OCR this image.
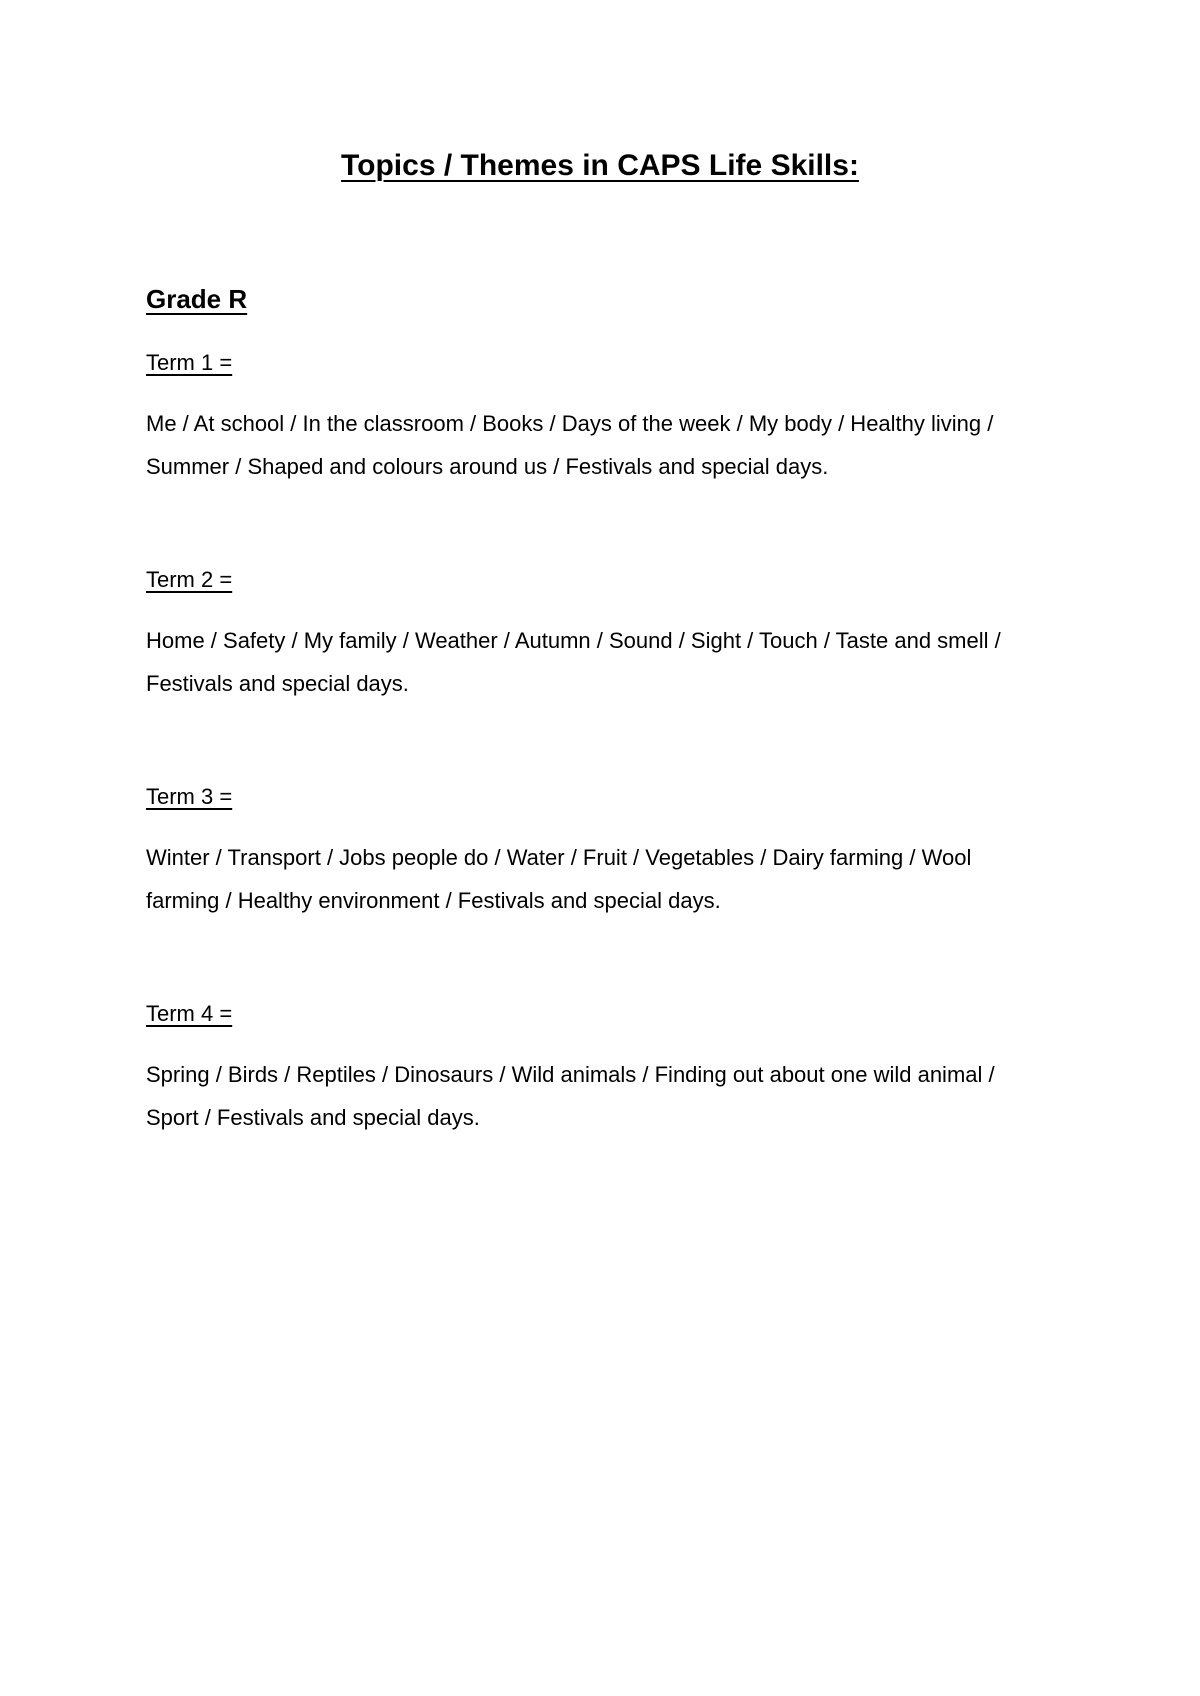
Topics / Themes in CAPS Life Skills:
Grade R

Term 1 =

Me / At school / In the classroom / Books / Days of the week / My body / Healthy living / Summer / Shaped and colours around us / Festivals and special days.

Term 2 =

Home / Safety / My family / Weather / Autumn / Sound / Sight / Touch / Taste and smell / Festivals and special days.

Term 3 =

Winter / Transport / Jobs people do / Water / Fruit / Vegetables / Dairy farming / Wool farming / Healthy environment / Festivals and special days.

Term 4 =

Spring / Birds / Reptiles / Dinosaurs / Wild animals / Finding out about one wild animal / Sport / Festivals and special days.
